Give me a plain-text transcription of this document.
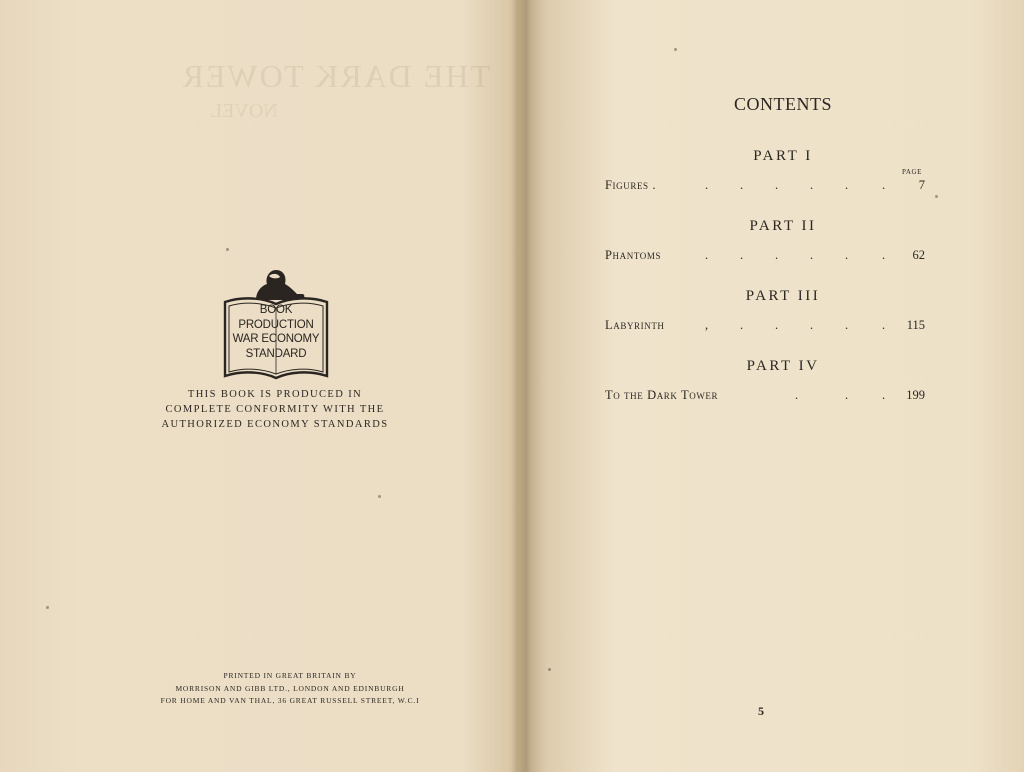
THE DARK TOWER
NOVEL
BOOK
PRODUCTION
WAR ECONOMY
STANDARD
THIS BOOK IS PRODUCED IN
COMPLETE CONFORMITY WITH THE
AUTHORIZED ECONOMY STANDARDS
PRINTED IN GREAT BRITAIN BY
MORRISON AND GIBB LTD., LONDON AND EDINBURGH
FOR HOME AND VAN THAL, 36 GREAT RUSSELL STREET, W.C.I
CONTENTS
PAGE
PART I
Figures .	.	.	.	.	.	.	7
PART II
Phantoms	.	.	.	.	.	. 62
PART III
Labyrinth	,	.	.	.	.	. 115
PART IV
To the Dark Tower	.	.	. 199
5
